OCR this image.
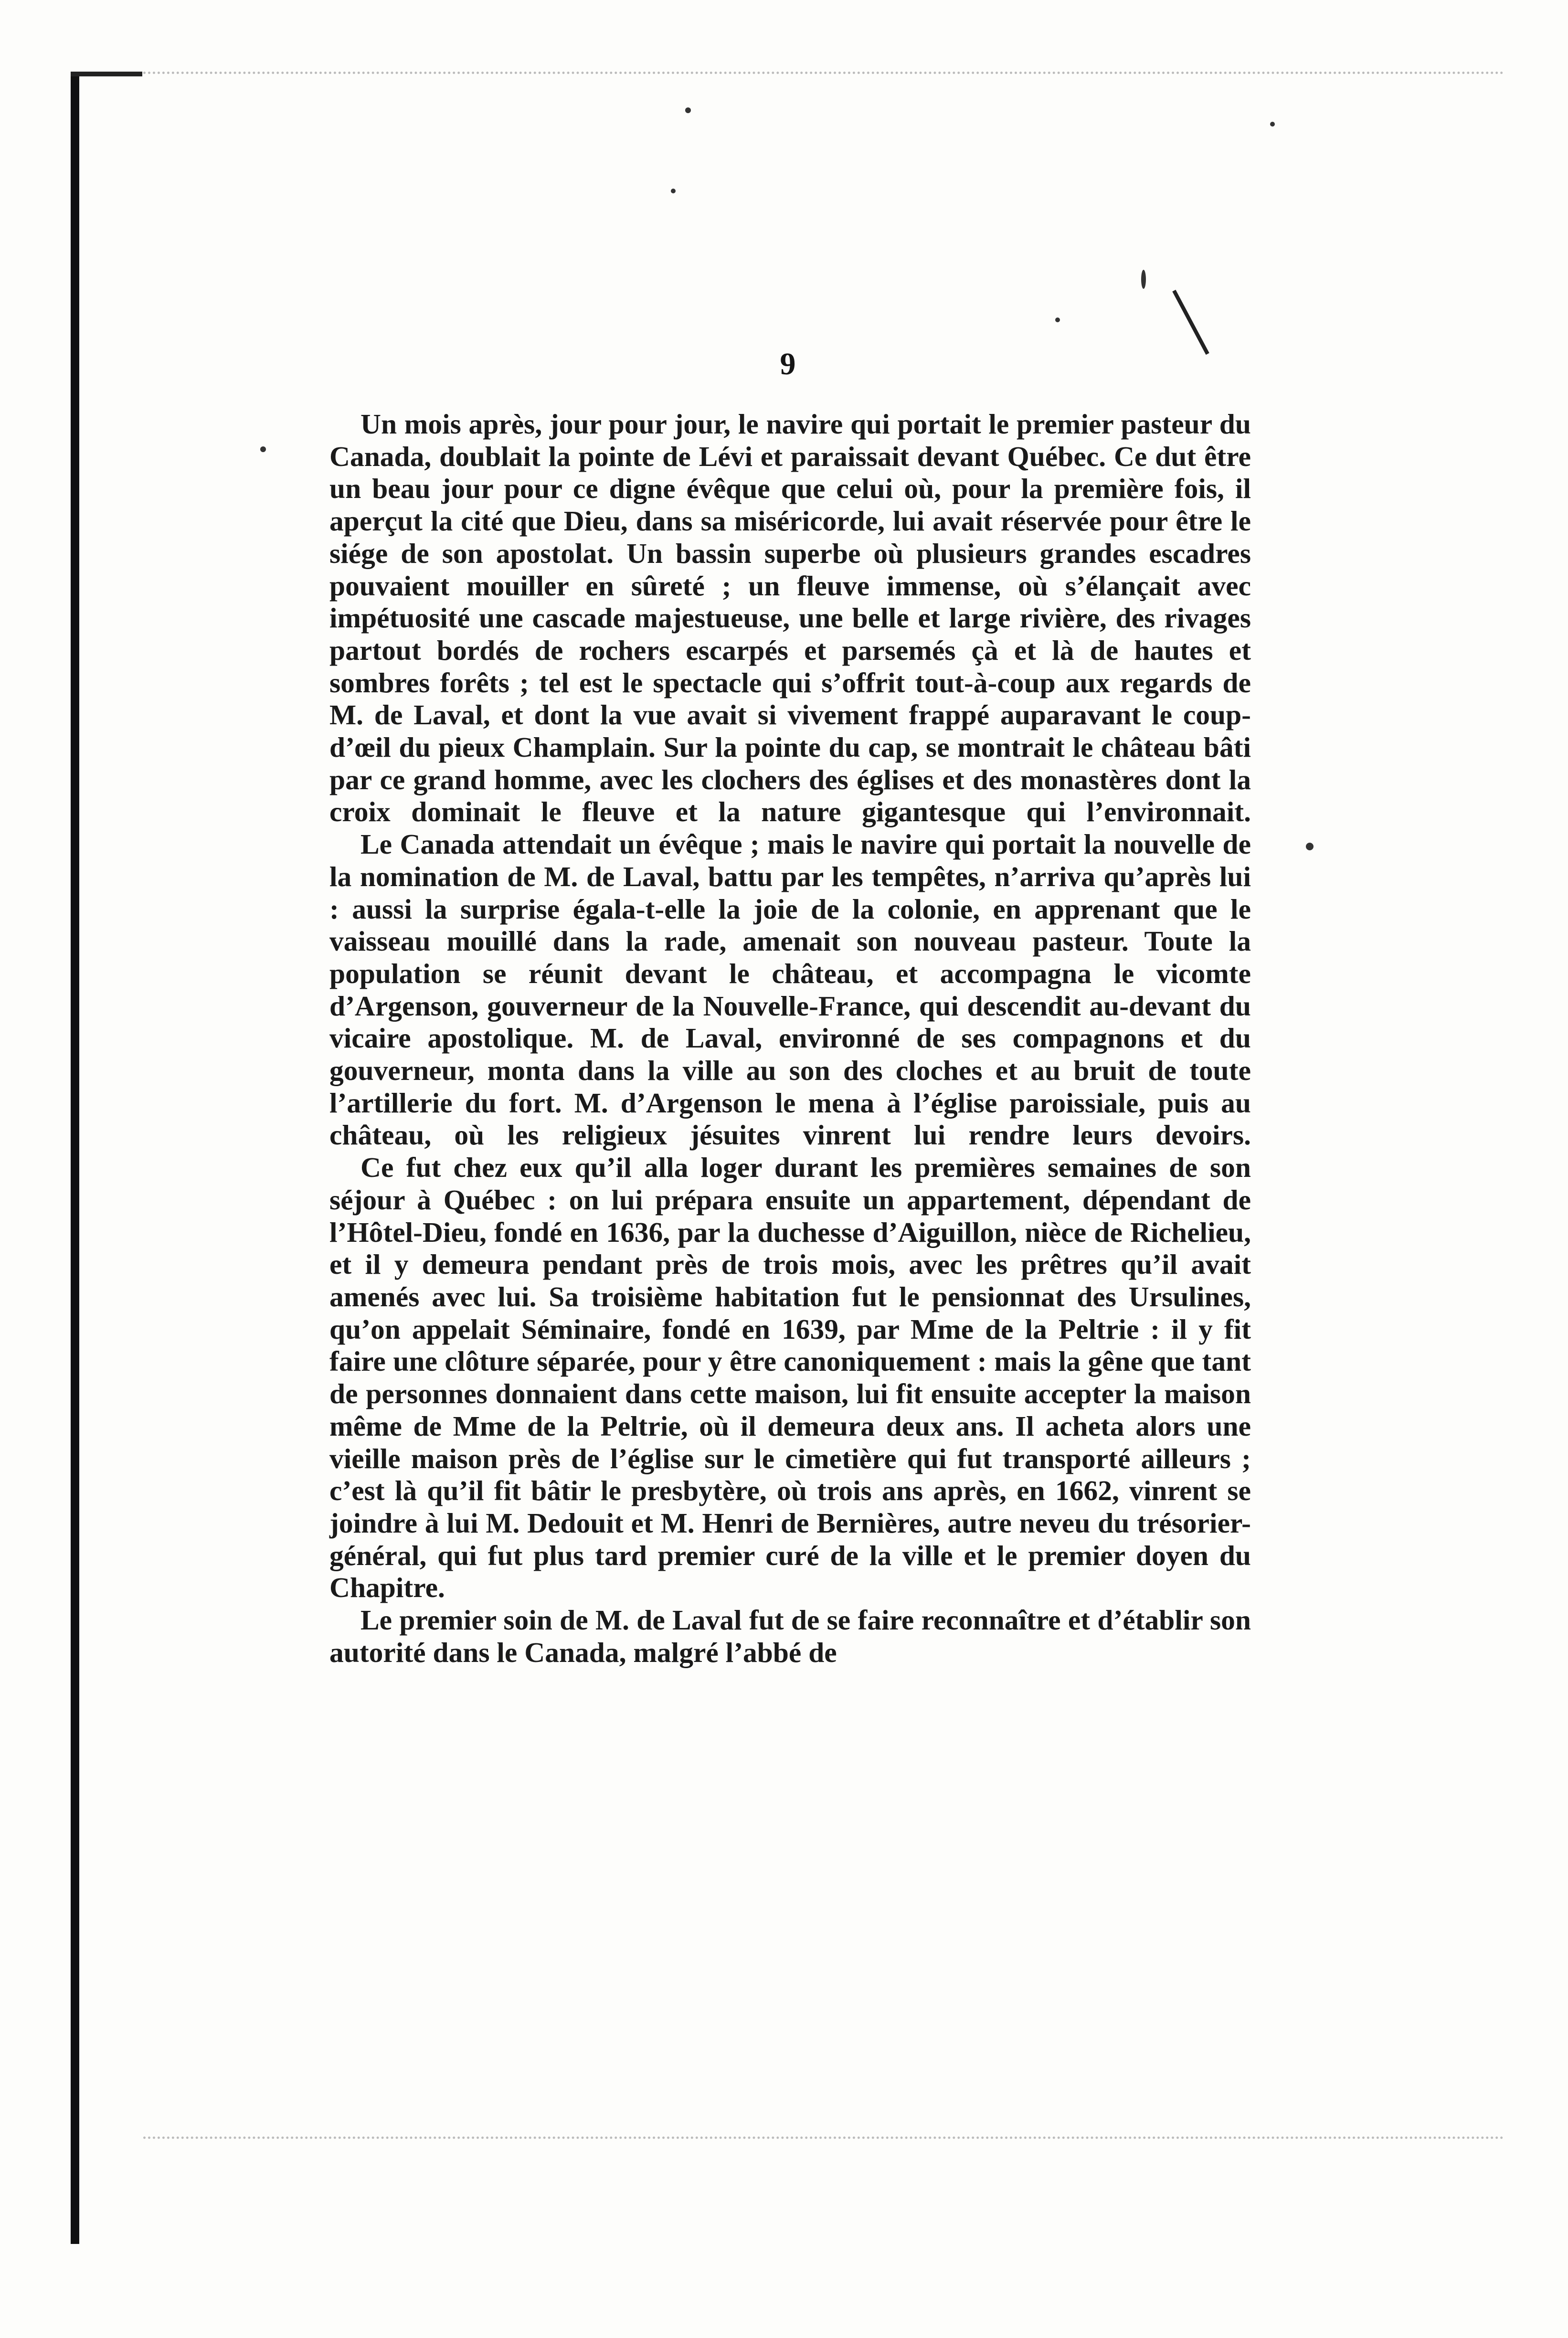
9

Un mois après, jour pour jour, le navire qui portait le premier pasteur du Canada, doublait la pointe de Lévi et paraissait devant Québec. Ce dut être un beau jour pour ce digne évêque que celui où, pour la première fois, il aperçut la cité que Dieu, dans sa miséricorde, lui avait réservée pour être le siége de son apostolat. Un bassin superbe où plusieurs grandes escadres pouvaient mouiller en sûreté ; un fleuve immense, où s’élançait avec impétuosité une cascade majestueuse, une belle et large rivière, des rivages partout bordés de rochers escarpés et parsemés çà et là de hautes et sombres forêts ; tel est le spectacle qui s’offrit tout-à-coup aux regards de M. de Laval, et dont la vue avait si vivement frappé auparavant le coup-d’œil du pieux Champlain. Sur la pointe du cap, se montrait le château bâti par ce grand homme, avec les clochers des églises et des monastères dont la croix dominait le fleuve et la nature gigantesque qui l’environnait.

Le Canada attendait un évêque ; mais le navire qui portait la nouvelle de la nomination de M. de Laval, battu par les tempêtes, n’arriva qu’après lui : aussi la surprise égala-t-elle la joie de la colonie, en apprenant que le vaisseau mouillé dans la rade, amenait son nouveau pasteur. Toute la population se réunit devant le château, et accompagna le vicomte d’Argenson, gouverneur de la Nouvelle-France, qui descendit au-devant du vicaire apostolique. M. de Laval, environné de ses compagnons et du gouverneur, monta dans la ville au son des cloches et au bruit de toute l’artillerie du fort. M. d’Argenson le mena à l’église paroissiale, puis au château, où les religieux jésuites vinrent lui rendre leurs devoirs.

Ce fut chez eux qu’il alla loger durant les premières semaines de son séjour à Québec : on lui prépara ensuite un appartement, dépendant de l’Hôtel-Dieu, fondé en 1636, par la duchesse d’Aiguillon, nièce de Richelieu, et il y demeura pendant près de trois mois, avec les prêtres qu’il avait amenés avec lui. Sa troisième habitation fut le pensionnat des Ursulines, qu’on appelait Séminaire, fondé en 1639, par Mme de la Peltrie : il y fit faire une clôture séparée, pour y être canoniquement : mais la gêne que tant de personnes donnaient dans cette maison, lui fit ensuite accepter la maison même de Mme de la Peltrie, où il demeura deux ans. Il acheta alors une vieille maison près de l’église sur le cimetière qui fut transporté ailleurs ; c’est là qu’il fit bâtir le presbytère, où trois ans après, en 1662, vinrent se joindre à lui M. Dedouit et M. Henri de Bernières, autre neveu du trésorier-général, qui fut plus tard premier curé de la ville et le premier doyen du Chapitre.

Le premier soin de M. de Laval fut de se faire reconnaître et d’établir son autorité dans le Canada, malgré l’abbé de
